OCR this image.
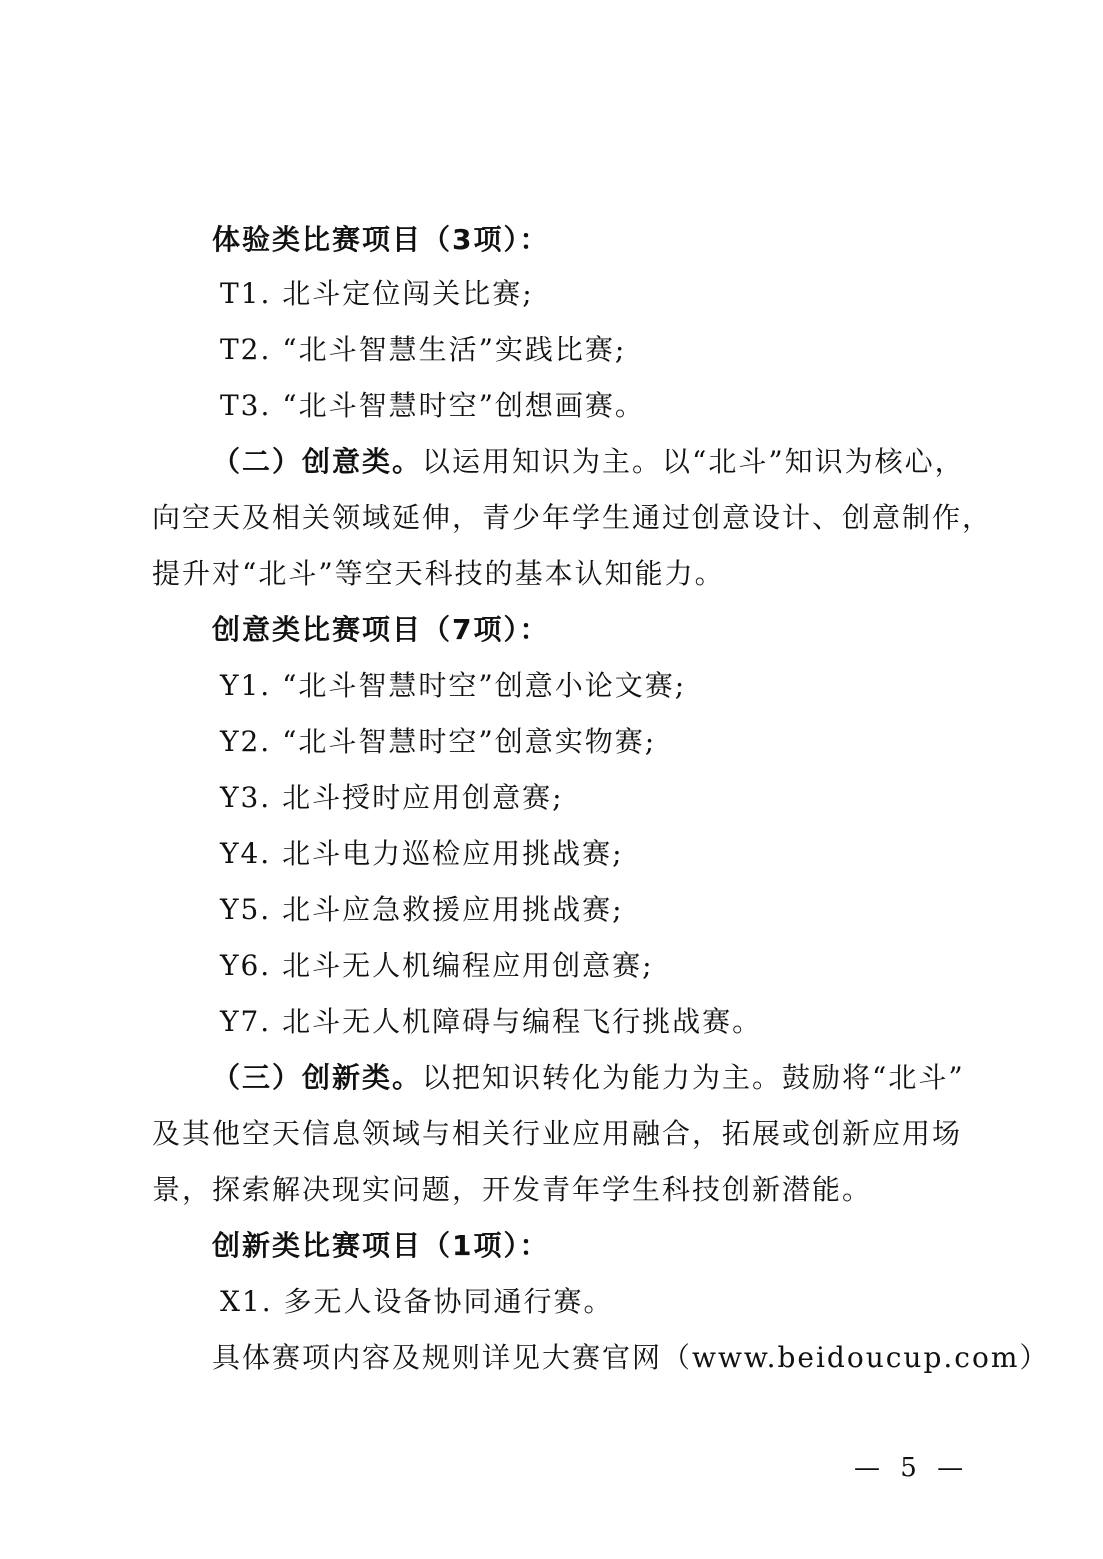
体验类比赛项目（3项）：
T1. 北斗定位闯关比赛;
T2. “北斗智慧生活”实践比赛;
T3. “北斗智慧时空”创想画赛。
（二）创意类。以运用知识为主。以“北斗”知识为核心，
向空天及相关领域延伸，青少年学生通过创意设计、创意制作，
提升对“北斗”等空天科技的基本认知能力。
创意类比赛项目（7项）：
Y1. “北斗智慧时空”创意小论文赛;
Y2. “北斗智慧时空”创意实物赛;
Y3. 北斗授时应用创意赛;
Y4. 北斗电力巡检应用挑战赛;
Y5. 北斗应急救援应用挑战赛;
Y6. 北斗无人机编程应用创意赛;
Y7. 北斗无人机障碍与编程飞行挑战赛。
（三）创新类。以把知识转化为能力为主。鼓励将“北斗”
及其他空天信息领域与相关行业应用融合，拓展或创新应用场
景，探索解决现实问题，开发青年学生科技创新潜能。
创新类比赛项目（1项）：
X1. 多无人设备协同通行赛。
具体赛项内容及规则详见大赛官网（www.beidoucup.com）
— 5 —
